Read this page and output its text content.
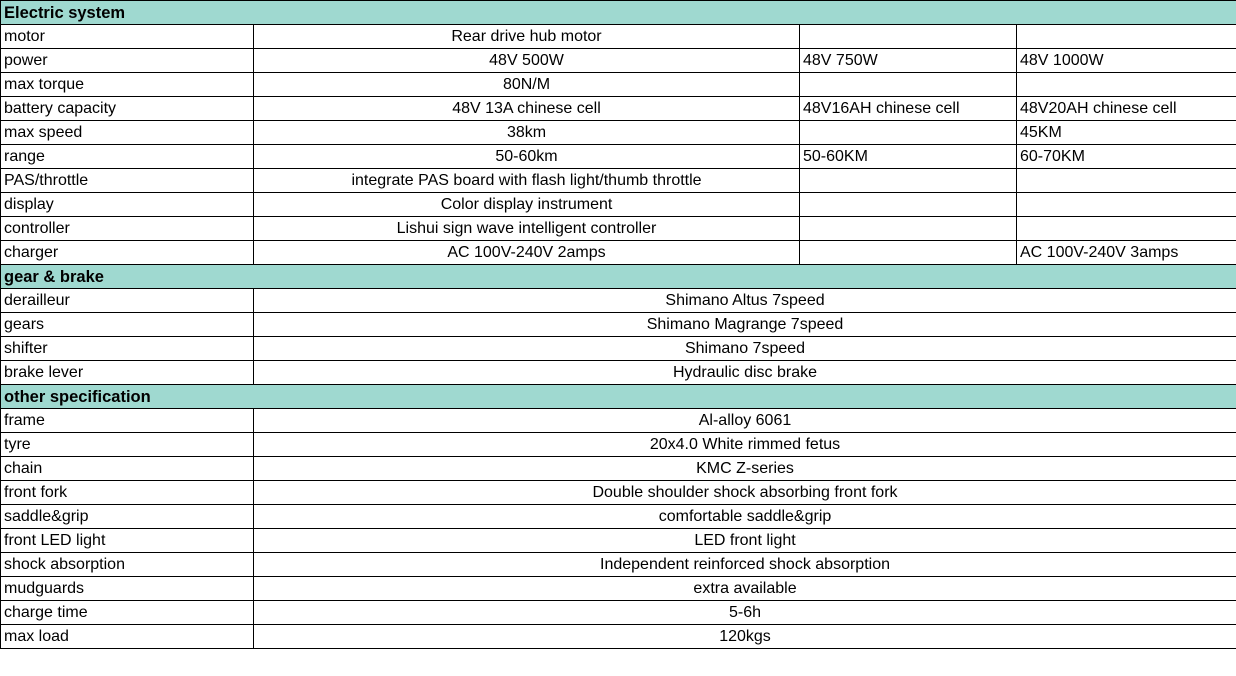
Electric system			
motor	Rear drive hub motor		
power	48V 500W	48V 750W	48V 1000W
max torque	80N/M		
battery capacity	48V 13A chinese cell	48V16AH chinese cell	48V20AH chinese cell
max speed	38km		45KM
range	50-60km	50-60KM	60-70KM
PAS/throttle	integrate PAS board with flash light/thumb throttle		
display	Color display instrument		
controller	Lishui sign wave intelligent controller		
charger	AC 100V-240V 2amps		AC 100V-240V 3amps
gear & brake			
derailleur	Shimano Altus 7speed		
gears	Shimano Magrange 7speed		
shifter	Shimano 7speed		
brake lever	Hydraulic disc brake		
other specification			
frame	Al-alloy 6061		
tyre	20x4.0 White rimmed fetus		
chain	KMC Z-series		
front fork	Double shoulder shock absorbing front fork		
saddle&grip	comfortable saddle&grip		
front LED light	LED front light		
shock absorption	Independent reinforced shock absorption		
mudguards	extra available		
charge time	5-6h		
max load	120kgs		
